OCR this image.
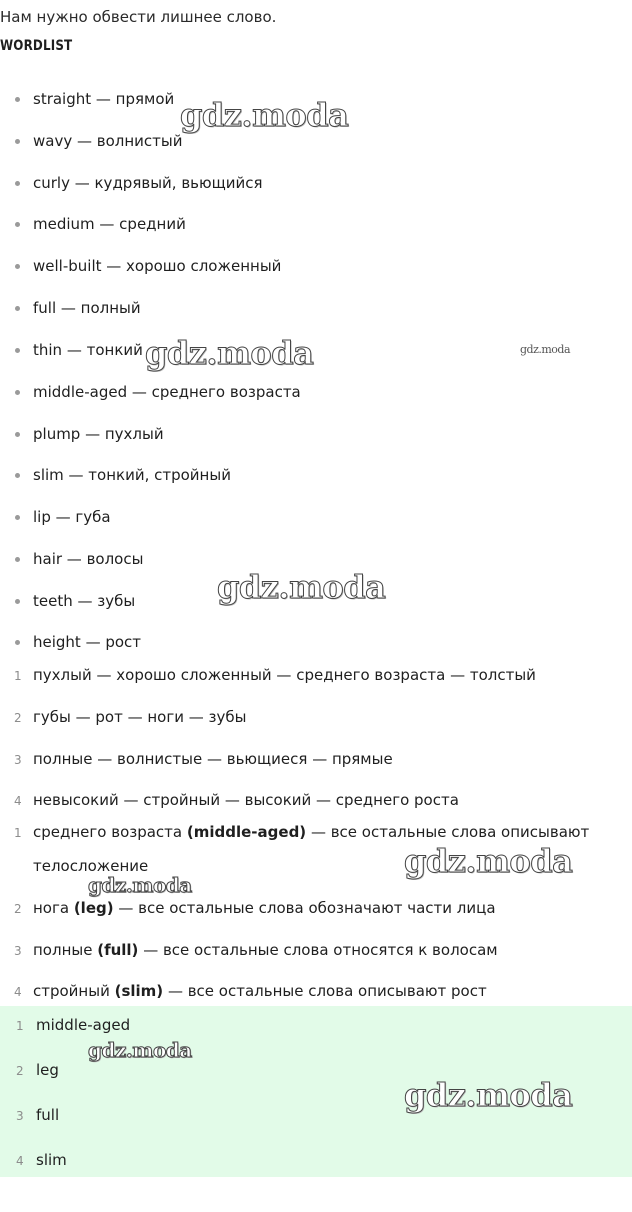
Нам нужно обвести лишнее слово.
WORDLIST
straight — прямой
wavy — волнистый
curly — кудрявый, вьющийся
medium — средний
well-built — хорошо сложенный
full — полный
thin — тонкий
middle-aged — среднего возраста
plump — пухлый
slim — тонкий, стройный
lip — губа
hair — волосы
teeth — зубы
height — рост
1 пухлый — хорошо сложенный — среднего возраста — толстый
2 губы — рот — ноги — зубы
3 полные — волнистые — вьющиеся — прямые
4 невысокий — стройный — высокий — среднего роста
1 среднего возраста (middle-aged) — все остальные слова описывают
телосложение
2 нога (leg) — все остальные слова обозначают части лица
3 полные (full) — все остальные слова относятся к волосам
4 стройный (slim) — все остальные слова описывают рост
1 middle-aged
2 leg
3 full
4 slim
gdz.moda
gdz.moda	gdz.moda
gdz.moda
gdz.moda
gdz.moda
gdz.moda
gdz.moda
